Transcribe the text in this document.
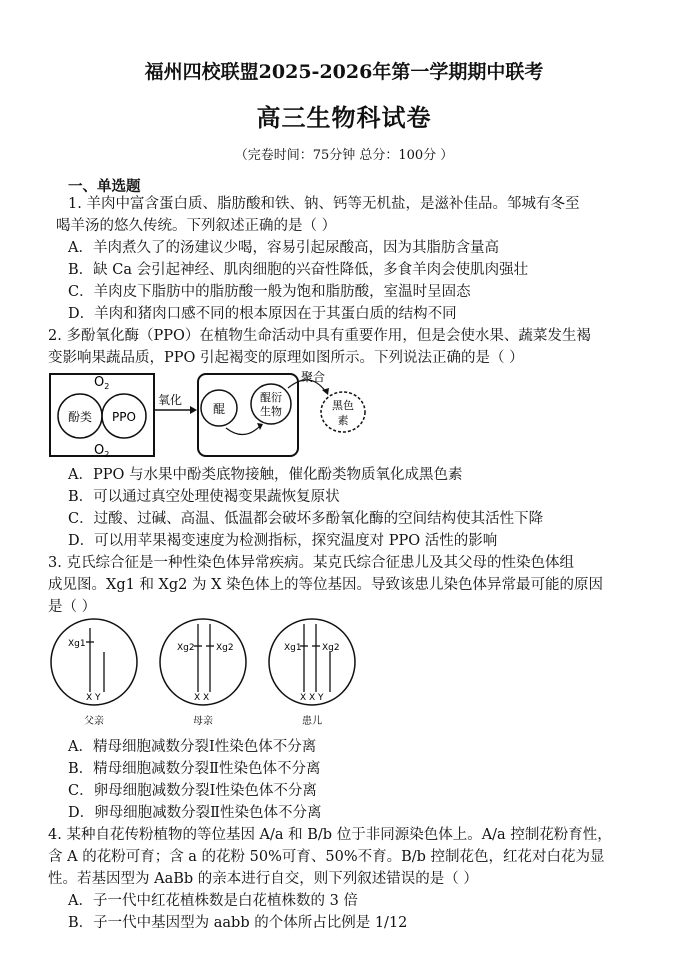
福州四校联盟2025-2026年第一学期期中联考
高三生物科试卷
（完卷时间：75分钟 总分：100分 ）
一、单选题
1. 羊肉中富含蛋白质、脂肪酸和铁、钠、钙等无机盐，是滋补佳品。邹城有冬至
喝羊汤的悠久传统。下列叙述正确的是（ ）
A．羊肉煮久了的汤建议少喝，容易引起尿酸高，因为其脂肪含量高
B．缺 Ca 会引起神经、肌肉细胞的兴奋性降低，多食羊肉会使肌肉强壮
C．羊肉皮下脂肪中的脂肪酸一般为饱和脂肪酸，室温时呈固态
D．羊肉和猪肉口感不同的根本原因在于其蛋白质的结构不同
2. 多酚氧化酶（PPO）在植物生命活动中具有重要作用，但是会使水果、蔬菜发生褐
变影响果蔬品质，PPO 引起褐变的原理如图所示。下列说法正确的是（ ）
$O_2$
$O_2$
酚类 PPO
氧化
醌
醌衍
生物
聚合
黑色
素
A．PPO 与水果中酚类底物接触，催化酚类物质氧化成黑色素
B．可以通过真空处理使褐变果蔬恢复原状
C．过酸、过碱、高温、低温都会破坏多酚氧化酶的空间结构使其活性下降
D．可以用苹果褐变速度为检测指标，探究温度对 PPO 活性的影响
3. 克氏综合征是一种性染色体异常疾病。某克氏综合征患儿及其父母的性染色体组
成见图。Xg1 和 Xg2 为 X 染色体上的等位基因。导致该患儿染色体异常最可能的原因
是（ ）
Xg1
X Y
父亲
Xg2 Xg2
X X
母亲
Xg1 Xg2
X X Y
患儿
A．精母细胞减数分裂Ⅰ性染色体不分离
B．精母细胞减数分裂Ⅱ性染色体不分离
C．卵母细胞减数分裂Ⅰ性染色体不分离
D．卵母细胞减数分裂Ⅱ性染色体不分离
4. 某种自花传粉植物的等位基因 A/a 和 B/b 位于非同源染色体上。A/a 控制花粉育性，
含 A 的花粉可育；含 a 的花粉 50%可育、50%不育。B/b 控制花色，红花对白花为显
性。若基因型为 AaBb 的亲本进行自交，则下列叙述错误的是（ ）
A．子一代中红花植株数是白花植株数的 3 倍
B．子一代中基因型为 aabb 的个体所占比例是 1/12
